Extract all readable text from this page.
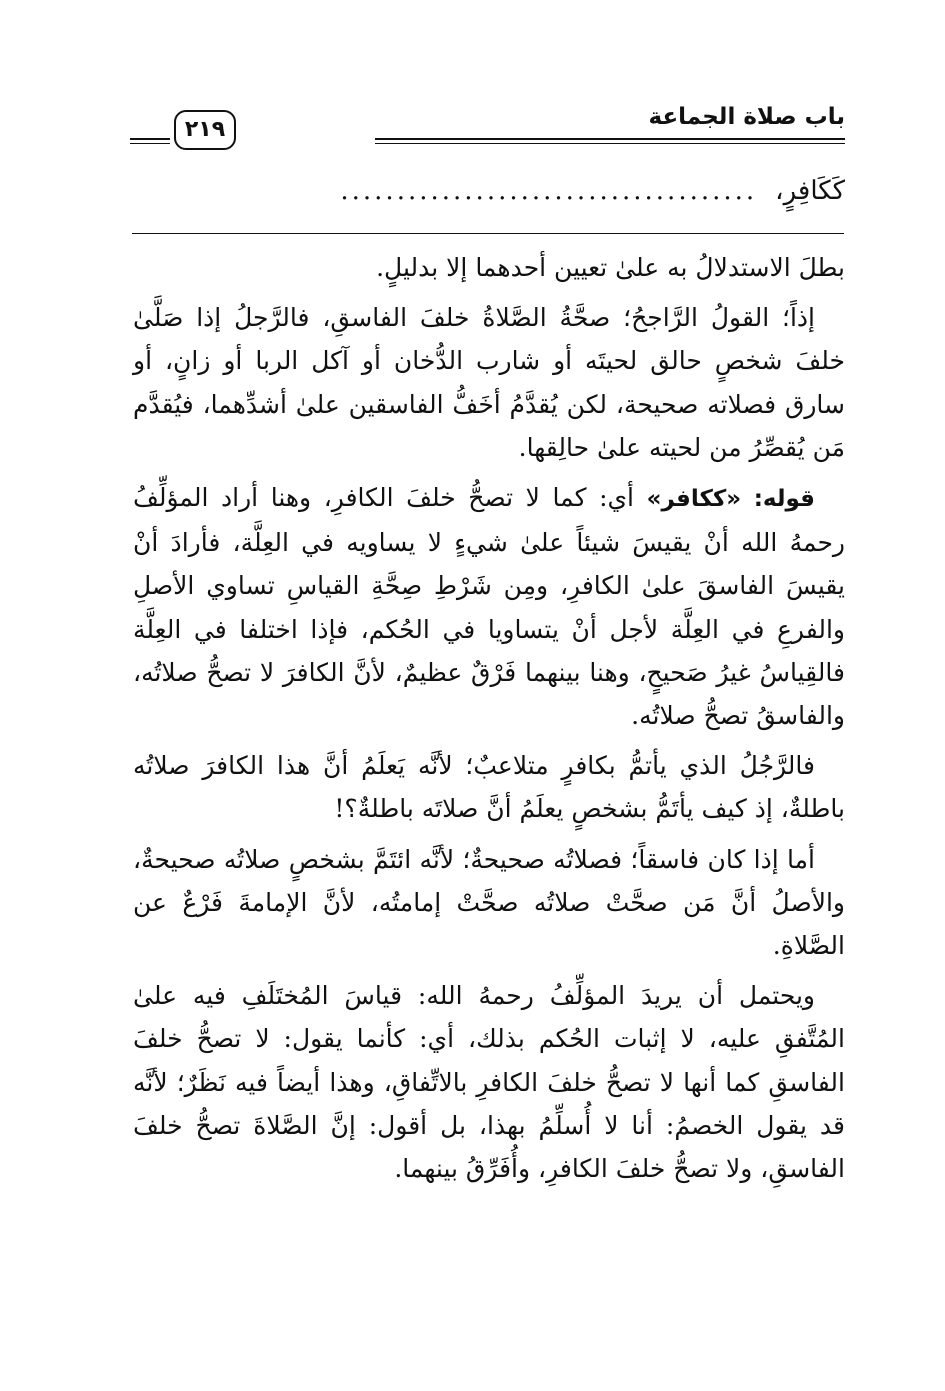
باب صلاة الجماعة
٢١٩
كَكَافِرٍ،.....................................

بطلَ الاستدلالُ به علىٰ تعيين أحدهما إلا بدليلٍ.

إذاً؛ القولُ الرَّاجحُ؛ صحَّةُ الصَّلاةُ خلفَ الفاسقِ، فالرَّجلُ إذا صَلَّىٰ خلفَ شخصٍ حالق لحيتَه أو شارب الدُّخان أو آكل الربا أو زانٍ، أو سارق فصلاته صحيحة، لكن يُقدَّمُ أخَفُّ الفاسقين علىٰ أشدِّهما، فيُقدَّم مَن يُقصِّرُ من لحيته علىٰ حالِقها.

قوله: «ككافر» أي: كما لا تصحُّ خلفَ الكافرِ، وهنا أراد المؤلِّفُ رحمهُ الله أنْ يقيسَ شيئاً علىٰ شيءٍ لا يساويه في العِلَّة، فأرادَ أنْ يقيسَ الفاسقَ علىٰ الكافرِ، ومِن شَرْطِ صِحَّةِ القياسِ تساوي الأصلِ والفرعِ في العِلَّة لأجل أنْ يتساويا في الحُكم، فإذا اختلفا في العِلَّة فالقِياسُ غيرُ صَحيحٍ، وهنا بينهما فَرْقٌ عظيمٌ، لأنَّ الكافرَ لا تصحُّ صلاتُه، والفاسقُ تصحُّ صلاتُه.

فالرَّجُلُ الذي يأتمُّ بكافرٍ متلاعبٌ؛ لأنَّه يَعلَمُ أنَّ هذا الكافرَ صلاتُه باطلةٌ، إذ كيف يأتَمُّ بشخصٍ يعلَمُ أنَّ صلاتَه باطلةٌ؟!

أما إذا كان فاسقاً؛ فصلاتُه صحيحةٌ؛ لأنَّه ائتَمَّ بشخصٍ صلاتُه صحيحةٌ، والأصلُ أنَّ مَن صحَّتْ صلاتُه صحَّتْ إمامتُه، لأنَّ الإمامةَ فَرْعٌ عن الصَّلاةِ.

ويحتمل أن يريدَ المؤلِّفُ رحمهُ الله: قياسَ المُختَلَفِ فيه علىٰ المُتَّفقِ عليه، لا إثبات الحُكم بذلك، أي: كأنما يقول: لا تصحُّ خلفَ الفاسقِ كما أنها لا تصحُّ خلفَ الكافرِ بالاتِّفاقِ، وهذا أيضاً فيه نَظَرٌ؛ لأنَّه قد يقول الخصمُ: أنا لا أُسلِّمُ بهذا، بل أقول: إنَّ الصَّلاةَ تصحُّ خلفَ الفاسقِ، ولا تصحُّ خلفَ الكافرِ، وأُفَرِّقُ بينهما.
